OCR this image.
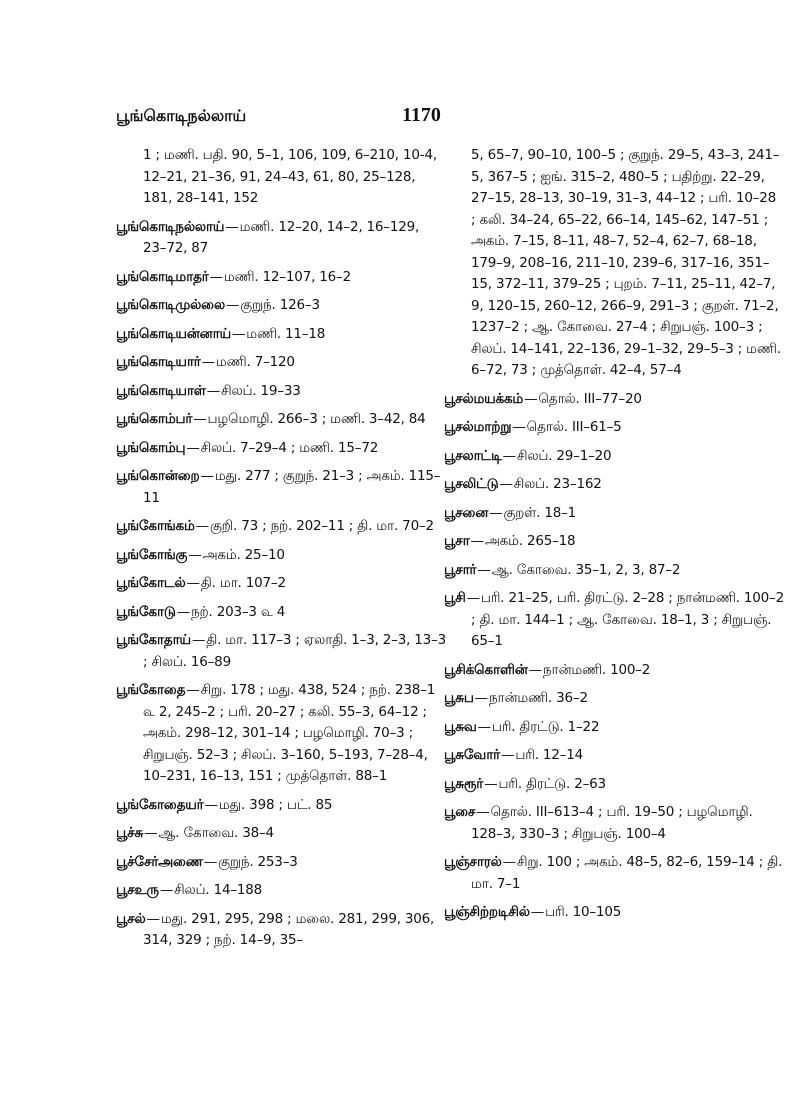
பூங்கொடிநல்லாய்	1170
1 ; மணி. பதி. 90, 5–1, 106, 109, 6–210, 10-4, 12–21, 21–36, 91, 24–43, 61, 80, 25–128, 181, 28–141, 152
பூங்கொடிநல்லாய்—மணி. 12–20, 14–2, 16–129, 23–72, 87
பூங்கொடிமாதர்—மணி. 12–107, 16–2
பூங்கொடிமுல்லை—குறுந். 126–3
பூங்கொடியன்னாய்—மணி. 11–18
பூங்கொடியார்—மணி. 7–120
பூங்கொடியாள்—சிலப். 19–33
பூங்கொம்பர்—பழமொழி. 266–3 ; மணி. 3–42, 84
பூங்கொம்பு—சிலப். 7–29–4 ; மணி. 15–72
பூங்கொன்றை—மது. 277 ; குறுந். 21–3 ; அகம். 115–11
பூங்கோங்கம்—குறி. 73 ; நற். 202–11 ; தி. மா. 70–2
பூங்கோங்கு—அகம். 25–10
பூங்கோடல்—தி. மா. 107–2
பூங்கோடு—நற். 203–3 ௳ 4
பூங்கோதாய்—தி. மா. 117–3 ; ஏலாதி. 1–3, 2–3, 13–3 ; சிலப். 16–89
பூங்கோதை—சிறு. 178 ; மது. 438, 524 ; நற். 238–1 ௳ 2, 245–2 ; பரி. 20–27 ; கலி. 55–3, 64–12 ; அகம். 298–12, 301–14 ; பழமொழி. 70–3 ; சிறுபஞ். 52–3 ; சிலப். 3–160, 5–193, 7–28–4, 10–231, 16–13, 151 ; முத்தொள். 88–1
பூங்கோதையர்—மது. 398 ; பட். 85
பூச்சு—ஆ. கோவை. 38–4
பூச்சேர்அணை—குறுந். 253–3
பூசஉரு—சிலப். 14–188
பூசல்—மது. 291, 295, 298 ; மலை. 281, 299, 306, 314, 329 ; நற். 14–9, 35–
5, 65–7, 90–10, 100–5 ; குறுந். 29–5, 43–3, 241–5, 367–5 ; ஐங். 315–2, 480–5 ; பதிற்று. 22–29, 27–15, 28–13, 30–19, 31–3, 44–12 ; பரி. 10–28 ; கலி. 34–24, 65–22, 66–14, 145–62, 147–51 ; அகம். 7–15, 8–11, 48–7, 52–4, 62–7, 68–18, 179–9, 208–16, 211–10, 239–6, 317–16, 351–15, 372–11, 379–25 ; புறம். 7–11, 25–11, 42–7, 9, 120–15, 260–12, 266–9, 291–3 ; குறள். 71–2, 1237–2 ; ஆ. கோவை. 27–4 ; சிறுபஞ். 100–3 ; சிலப். 14–141, 22–136, 29–1–32, 29–5–3 ; மணி. 6–72, 73 ; முத்தொள். 42–4, 57–4
பூசல்மயக்கம்—தொல். III–77–20
பூசல்மாற்று—தொல். III–61–5
பூசலாட்டி—சிலப். 29–1–20
பூசலிட்டு—சிலப். 23–162
பூசனை—குறள். 18–1
பூசா—அகம். 265–18
பூசார்—ஆ. கோவை. 35–1, 2, 3, 87–2
பூசி—பரி. 21–25, பரி. திரட்டு. 2–28 ; நான்மணி. 100–2 ; தி. மா. 144–1 ; ஆ. கோவை. 18–1, 3 ; சிறுபஞ். 65–1
பூசிக்கொளின்—நான்மணி. 100–2
பூசுப—நான்மணி. 36–2
பூசுவ—பரி. திரட்டு. 1–22
பூசுவோர்—பரி. 12–14
பூசுரூர்—பரி. திரட்டு. 2–63
பூசை—தொல். III–613–4 ; பரி. 19–50 ; பழமொழி. 128–3, 330–3 ; சிறுபஞ். 100–4
பூஞ்சாரல்—சிறு. 100 ; அகம். 48–5, 82–6, 159–14 ; தி. மா. 7–1
பூஞ்சிற்றடிசில்—பரி. 10–105
